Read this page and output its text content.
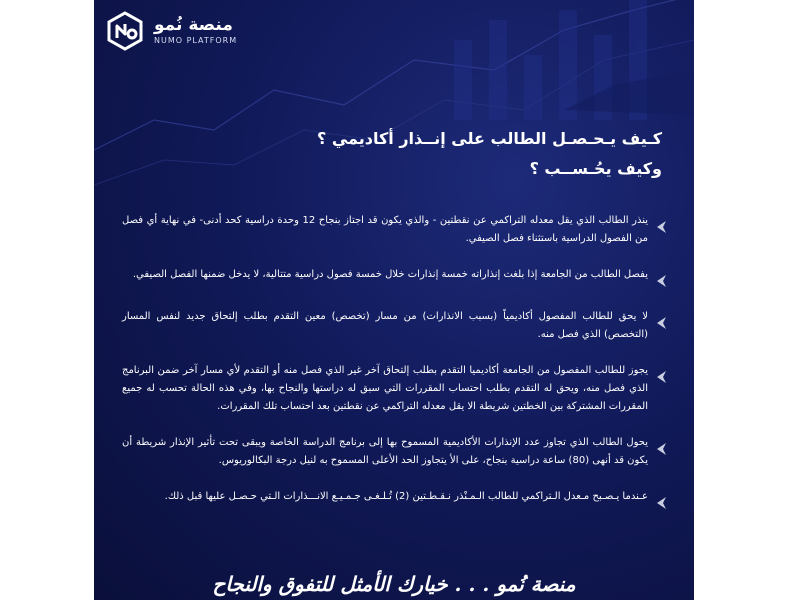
منصة نُمو
NUMO PLATFORM
كـيف يـحـصـل الطالب على إنــذار أكاديمي ؟
وكيف يحُـســب ؟
ينذر الطالب الذي يقل معدله التراكمي عن نقطتين - والذي يكون قد اجتاز بنجاح 12 وحدة دراسية كحد أدنى- في نهاية أي فصل من الفصول الدراسية باستثناء فصل الصيفي.
يفصل الطالب من الجامعة إذا بلغت إنذاراته خمسة إنذارات خلال خمسة فصول دراسية متتالية، لا يدخل ضمنها الفصل الصيفي.
لا يحق للطالب المفصول أكاديمياً (بسبب الانذارات) من مسار (تخصص) معين التقدم بطلب إلتحاق جديد لنفس المسار (التخصص) الذي فصل منه.
يجوز للطالب المفصول من الجامعة أكاديميا التقدم بطلب إلتحاق آخر غير الذي فصل منه أو التقدم لأي مسار آخر ضمن البرنامج الذي فصل منه، ويحق له التقدم بطلب احتساب المقررات التي سبق له دراستها والنجاح بها، وفي هذه الحالة تحسب له جميع المقررات المشتركة بين الخطتين شريطة الا يقل معدله التراكمي عن نقطتين بعد احتساب تلك المقررات.
يحول الطالب الذي تجاوز عدد الإنذارات الأكاديمية المسموح بها إلى برنامج الدراسة الخاصة ويبقى تحت تأثير الإنذار شريطة أن يكون قد أنهى (80) ساعة دراسية بنجاح، على الأ يتجاوز الحد الأعلى المسموح به لنيل درجة البكالوريوس.
عـندما يـصـبح مـعدل الـتراكمي للطالب الـمـنْذر نـقـطـتين (2) تُـلـغـى جـمـيـع الانـــذارات الـتي حـصـل عليها قبل ذلك.
منصة نُمو . . . خيارك الأمثل للتفوق والنجاح
